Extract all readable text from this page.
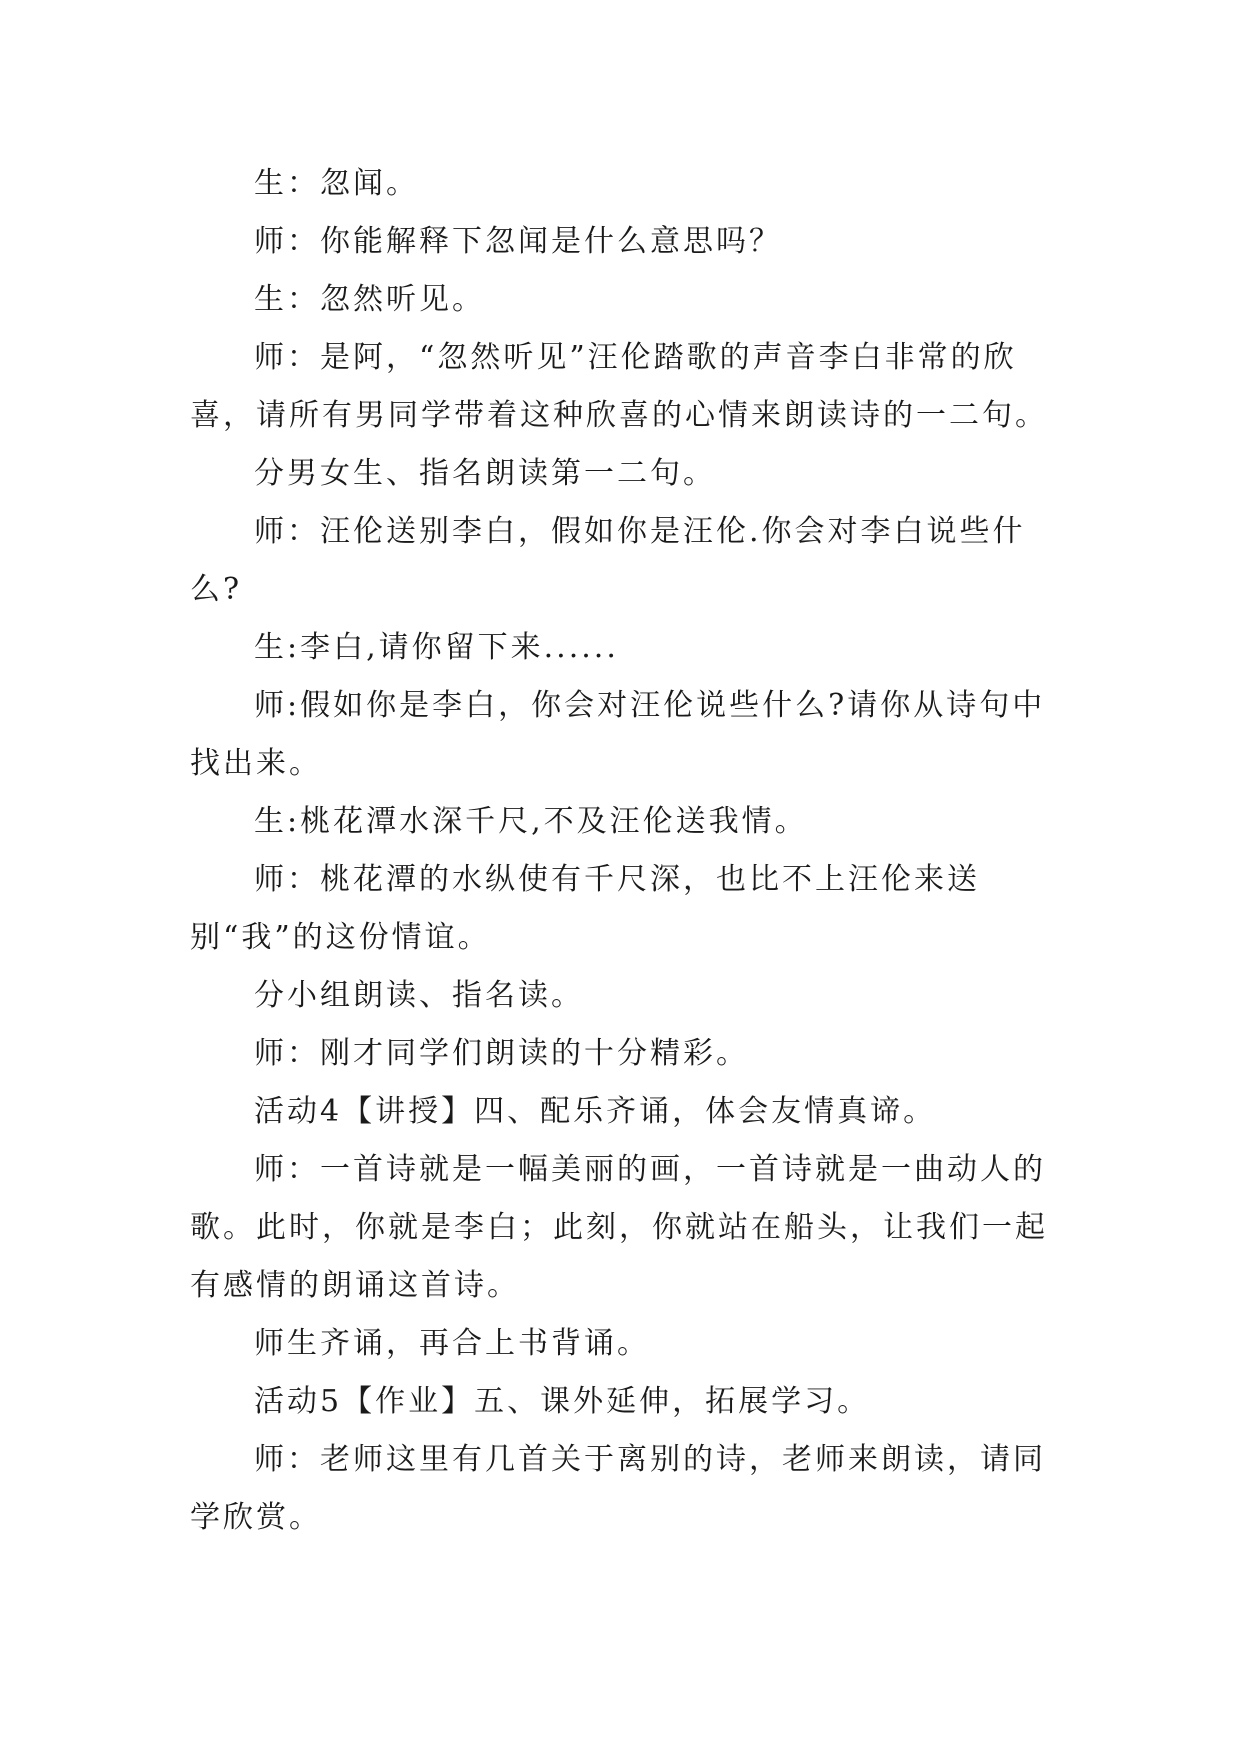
生：忽闻。

师：你能解释下忽闻是什么意思吗？

生：忽然听见。

师：是阿，“忽然听见”汪伦踏歌的声音李白非常的欣喜，请所有男同学带着这种欣喜的心情来朗读诗的一二句。

分男女生、指名朗读第一二句。

师：汪伦送别李白，假如你是汪伦.你会对李白说些什么?

生:李白,请你留下来......

师:假如你是李白，你会对汪伦说些什么?请你从诗句中找出来。

生:桃花潭水深千尺,不及汪伦送我情。

师：桃花潭的水纵使有千尺深，也比不上汪伦来送别“我”的这份情谊。

分小组朗读、指名读。

师：刚才同学们朗读的十分精彩。

活动4【讲授】四、配乐齐诵，体会友情真谛。

师：一首诗就是一幅美丽的画，一首诗就是一曲动人的歌。此时，你就是李白；此刻，你就站在船头，让我们一起有感情的朗诵这首诗。

师生齐诵，再合上书背诵。

活动5【作业】五、课外延伸，拓展学习。

师：老师这里有几首关于离别的诗，老师来朗读，请同学欣赏。
